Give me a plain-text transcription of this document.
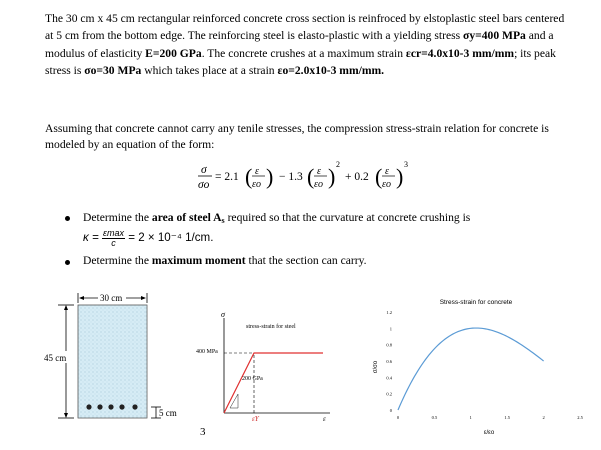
The 30 cm x 45 cm rectangular reinforced concrete cross section is reinfroced by elstoplastic steel bars centered at 5 cm from the bottom edge. The reinforcing steel is elasto-plastic with a yielding stress σy=400 MPa and a modulus of elasticity E=200 GPa. The concrete crushes at a maximum strain εcr=4.0x10-3 mm/mm; its peak stress is σo=30 MPa which takes place at a strain εo=2.0x10-3 mm/mm.

Assuming that concrete cannot carry any tenile stresses, the compression stress-strain relation for concrete is modeled by an equation of the form:

σ
σo
= 2.1 ( ε
εo ) − 1.3 ( ε
εo ) 2
+ 0.2 ( ε
εo ) 3
Determine the area of steel As required so that the curvature at concrete crushing is
κ = εmax
c = 2 × 10⁻⁴ 1/cm.
Determine the maximum moment that the section can carry.
30 cm
45 cm
5 cm
σ
stress-strain for steel
400 MPa
200 GPa
εY	ε
3
Stress-strain for concrete
σ/σo
ε/εo
0
0.2
0.4
0.6
0.8
1
1.2
0	0.5	1	1.5	2	2.5
